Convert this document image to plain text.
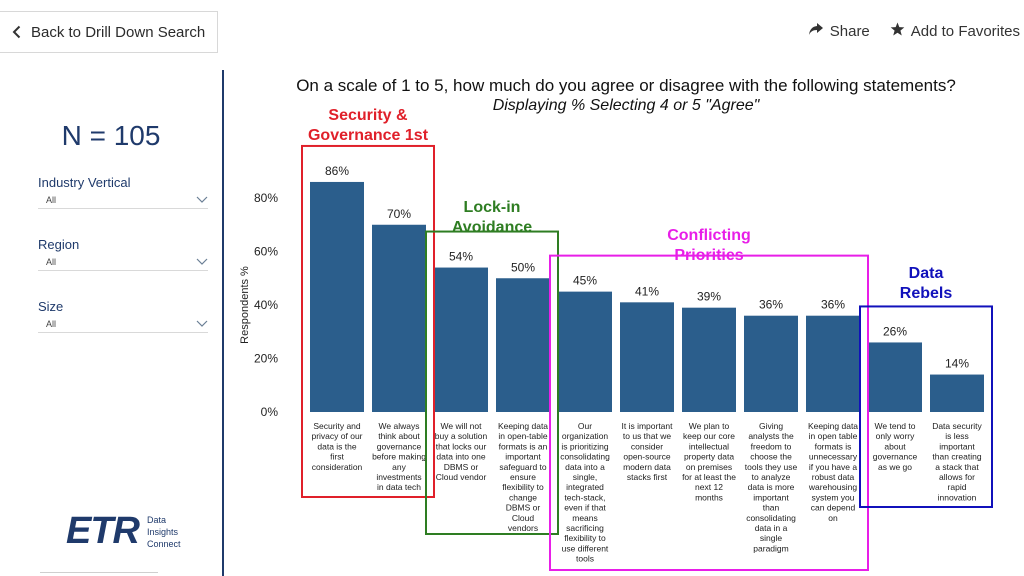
Back to Drill Down Search	Share	Add to Favorites
N = 105
Industry Vertical
All
Region
All
Size
All
ETR Data
Insights
Connect
On a scale of 1 to 5, how much do you agree or disagree with the following statements?
Displaying % Selecting 4 or 5 "Agree"
0%
20%
40%
60%
80%
Respondents %
86%
Security and privacy of our data is the first consideration
70%
We always think about governance before making any investments in data tech
54%
We will not buy a solution that locks our data into one DBMS or Cloud vendor
50%
Keeping data in open-table formats is an important safeguard to ensure flexibility to change DBMS or Cloud vendors
45%
Our organization is prioritizing consolidating data into a single, integrated tech-stack, even if that means sacrificing flexibility to use different tools
41%
It is important to us that we consider open-source modern data stacks first
39%
We plan to keep our core intellectual property data on premises for at least the next 12 months
36%
Giving analysts the freedom to choose the tools they use to analyze data is more important than consolidating data in a single paradigm
36%
Keeping data in open table formats is unnecessary if you have a robust data warehousing system you can depend on
26%
We tend to only worry about governance as we go
14%
Data security is less important than creating a stack that allows for rapid innovation
Security & Governance 1st
Lock-in Avoidance	Conflicting Priorities
Data Rebels
